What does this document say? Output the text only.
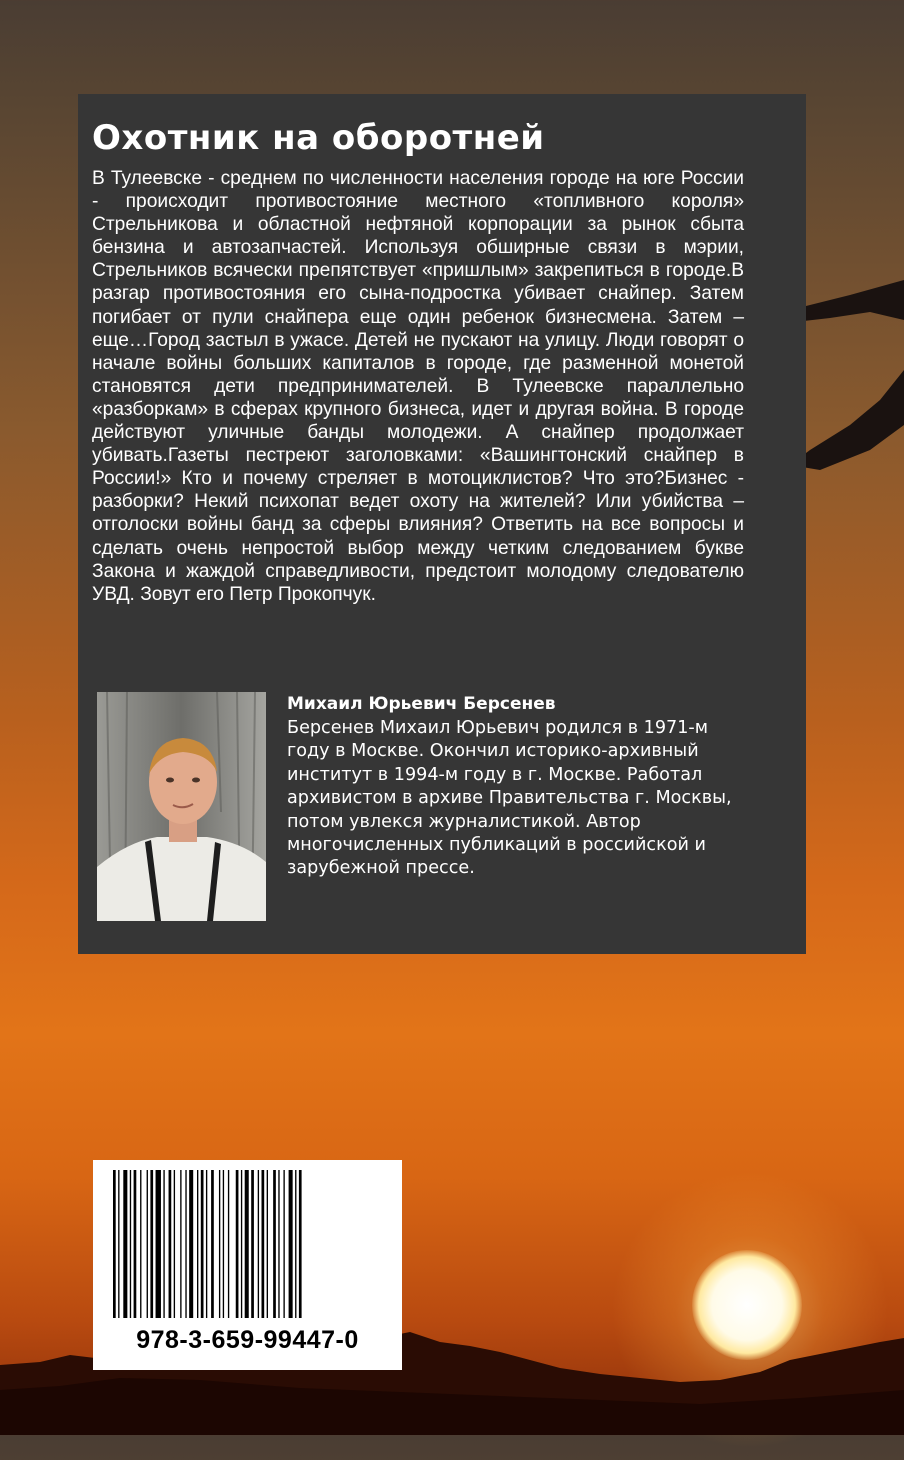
Охотник на оборотней

В Тулеевске - среднем по численности населения городе на юге России - происходит противостояние местного «топливного короля» Стрельникова и областной нефтяной корпорации за рынок сбыта бензина и автозапчастей. Используя обширные связи в мэрии, Стрельников всячески препятствует «пришлым» закрепиться в городе.В разгар противостояния его сына-подростка убивает снайпер. Затем погибает от пули снайпера еще один ребенок бизнесмена. Затем – еще…Город застыл в ужасе. Детей не пускают на улицу. Люди говорят о начале войны больших капиталов в городе, где разменной монетой становятся дети предпринимателей. В Тулеевске параллельно «разборкам» в сферах крупного бизнеса, идет и другая война. В городе действуют уличные банды молодежи. А снайпер продолжает убивать.Газеты пестреют заголовками: «Вашингтонский снайпер в России!» Кто и почему стреляет в мотоциклистов? Что это?Бизнес - разборки? Некий психопат ведет охоту на жителей? Или убийства – отголоски войны банд за сферы влияния? Ответить на все вопросы и сделать очень непростой выбор между четким следованием букве Закона и жаждой справедливости, предстоит молодому следователю УВД. Зовут его Петр Прокопчук.

Михаил Юрьевич Берсенев

Берсенев Михаил Юрьевич родился в 1971-м году в Москве. Окончил историко-архивный институт в 1994-м году в г. Москве. Работал архивистом в архиве Правительства г. Москвы, потом увлекся журналистикой. Автор многочисленных публикаций в российской и зарубежной прессе.

978-3-659-99447-0
